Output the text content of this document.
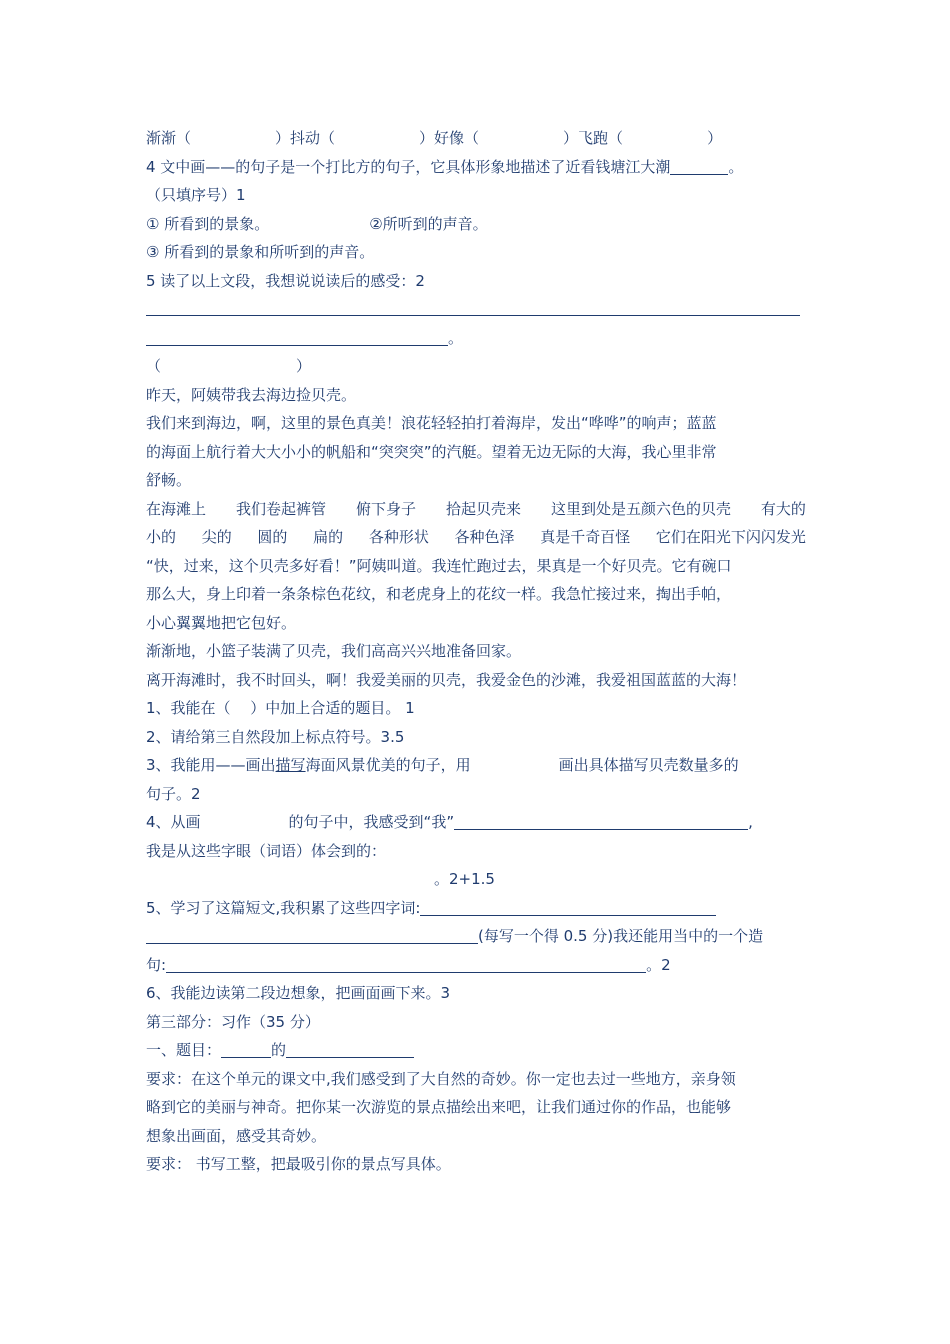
渐渐（	）抖动（	）好像（	）飞跑（	）
4 文中画——的句子是一个打比方的句子，它具体形象地描述了近看钱塘江大潮	。
（只填序号）1
① 所看到的景象。	②所听到的声音。
③ 所看到的景象和所听到的声音。
5 读了以上文段，我想说说读后的感受：2
。
（	）
昨天，阿姨带我去海边捡贝壳。
我们来到海边，啊，这里的景色真美！浪花轻轻拍打着海岸，发出“哗哗”的响声；蓝蓝
的海面上航行着大大小小的帆船和“突突突”的汽艇。望着无边无际的大海，我心里非常
舒畅。
在海滩上 我们卷起裤管 俯下身子 拾起贝壳来 这里到处是五颜六色的贝壳 有大的
小的 尖的 圆的 扁的 各种形状 各种色泽 真是千奇百怪 它们在阳光下闪闪发光
“快，过来，这个贝壳多好看！”阿姨叫道。我连忙跑过去，果真是一个好贝壳。它有碗口
那么大，身上印着一条条棕色花纹，和老虎身上的花纹一样。我急忙接过来，掏出手帕，
小心翼翼地把它包好。
渐渐地，小篮子装满了贝壳，我们高高兴兴地准备回家。
离开海滩时，我不时回头，啊！我爱美丽的贝壳，我爱金色的沙滩，我爱祖国蓝蓝的大海！
1、我能在（　 ）中加上合适的题目。 1
2、请给第三自然段加上标点符号。3.5
3、我能用——画出描写海面风景优美的句子，用	画出具体描写贝壳数量多的
句子。2
4、从画	的句子中，我感受到“我”	,
我是从这些字眼（词语）体会到的：
。2+1.5
5、学习了这篇短文,我积累了这些四字词:
(每写一个得 0.5 分)我还能用当中的一个造
句:	。2
6、我能边读第二段边想象，把画面画下来。3
第三部分：习作（35 分）
一、题目：	的
要求：在这个单元的课文中,我们感受到了大自然的奇妙。你一定也去过一些地方，亲身领
略到它的美丽与神奇。把你某一次游览的景点描绘出来吧，让我们通过你的作品，也能够
想象出画面，感受其奇妙。
要求： 书写工整，把最吸引你的景点写具体。
